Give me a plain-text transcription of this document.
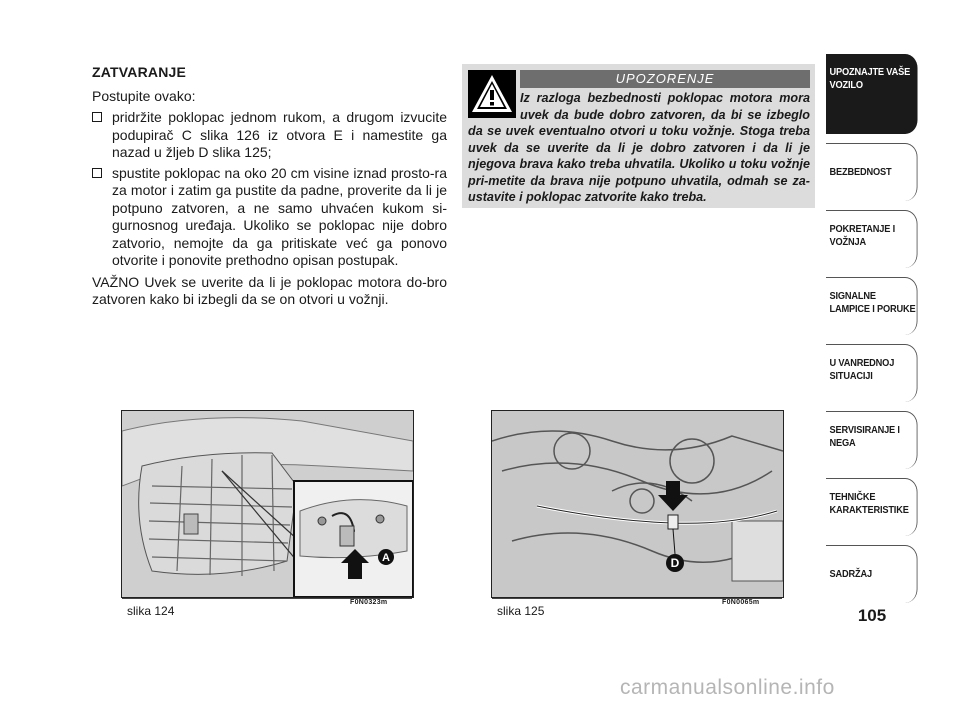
ZATVARANJE
Postupite ovako:
pridržite poklopac jednom rukom, a drugom izvucite podupirač C slika 126 iz otvora E i namestite ga nazad u žljeb D slika 125;
spustite poklopac na oko 20 cm visine iznad prosto-ra za motor i zatim ga pustite da padne, proverite da li je potpuno zatvoren, a ne samo uhvaćen kukom si-gurnosnog uređaja. Ukoliko se poklopac nije dobro zatvorio, nemojte da ga pritiskate već ga ponovo otvorite i ponovite prethodno opisan postupak.
VAŽNO Uvek se uverite da li je poklopac motora do-bro zatvoren kako bi izbegli da se on otvori u vožnji.
UPOZORENJE
Iz razloga bezbednosti poklopac motora mora uvek da bude dobro zatvoren, da bi se izbeglo da se uvek eventualno otvori u toku vožnje. Stoga treba uvek da se uverite da li je dobro zatvoren i da li je njegova brava kako treba uhvatila. Ukoliko u toku vožnje pri-metite da brava nije potpuno uhvatila, odmah se za-ustavite i poklopac zatvorite kako treba.
A
slika 124
F0N0323m
D
slika 125
F0N0065m
UPOZNAJTE VAŠE VOZILO
BEZBEDNOST
POKRETANJE I VOŽNJA
SIGNALNE LAMPICE I PORUKE
U VANREDNOJ SITUACIJI
SERVISIRANJE I NEGA
TEHNIČKE KARAKTERISTIKE
SADRŽAJ
105
carmanualsonline.info
